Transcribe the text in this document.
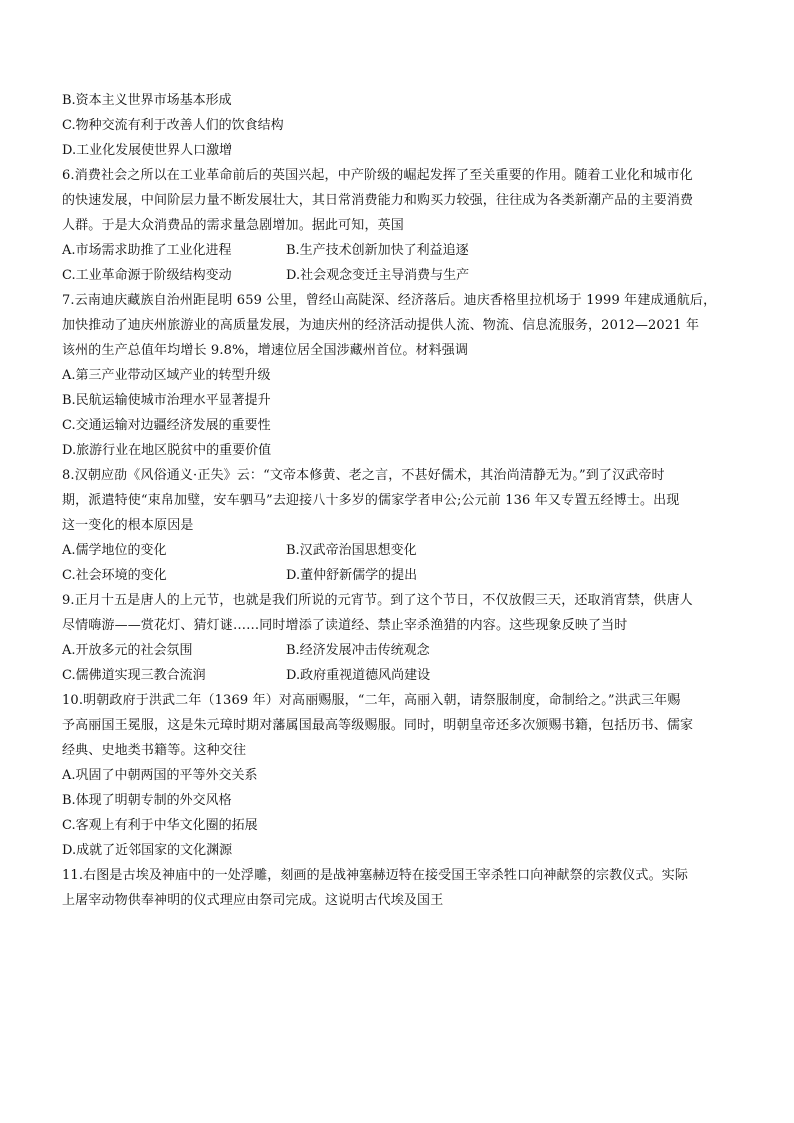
B.资本主义世界市场基本形成
C.物种交流有利于改善人们的饮食结构
D.工业化发展使世界人口激增
6.消费社会之所以在工业革命前后的英国兴起，中产阶级的崛起发挥了至关重要的作用。随着工业化和城市化
的快速发展，中间阶层力量不断发展壮大，其日常消费能力和购买力较强，往往成为各类新潮产品的主要消费
人群。于是大众消费品的需求量急剧增加。据此可知，英国
A.市场需求助推了工业化进程	B.生产技术创新加快了利益追逐
C.工业革命源于阶级结构变动	D.社会观念变迁主导消费与生产
7.云南迪庆藏族自治州距昆明 659 公里，曾经山高陡深、经济落后。迪庆香格里拉机场于 1999 年建成通航后，
加快推动了迪庆州旅游业的高质量发展，为迪庆州的经济活动提供人流、物流、信息流服务，2012—2021 年
该州的生产总值年均增长 9.8%，增速位居全国涉藏州首位。材料强调
A.第三产业带动区域产业的转型升级
B.民航运输使城市治理水平显著提升
C.交通运输对边疆经济发展的重要性
D.旅游行业在地区脱贫中的重要价值
8.汉朝应劭《风俗通义·正失》云：“文帝本修黄、老之言，不甚好儒术，其治尚清静无为。”到了汉武帝时
期，派遣特使“束帛加璧，安车驷马”去迎接八十多岁的儒家学者申公;公元前 136 年又专置五经博士。出现
这一变化的根本原因是
A.儒学地位的变化	B.汉武帝治国思想变化
C.社会环境的变化	D.董仲舒新儒学的提出
9.正月十五是唐人的上元节，也就是我们所说的元宵节。到了这个节日，不仅放假三天，还取消宵禁，供唐人
尽情嗨游——赏花灯、猜灯谜……同时增添了读道经、禁止宰杀渔猎的内容。这些现象反映了当时
A.开放多元的社会氛围	B.经济发展冲击传统观念
C.儒佛道实现三教合流润	D.政府重视道德风尚建设
10.明朝政府于洪武二年（1369 年）对高丽赐服，“二年，高丽入朝，请祭服制度，命制给之。”洪武三年赐
予高丽国王冕服，这是朱元璋时期对藩属国最高等级赐服。同时，明朝皇帝还多次颁赐书籍，包括历书、儒家
经典、史地类书籍等。这种交往
A.巩固了中朝两国的平等外交关系
B.体现了明朝专制的外交风格
C.客观上有利于中华文化圈的拓展
D.成就了近邻国家的文化渊源
11.右图是古埃及神庙中的一处浮雕，刻画的是战神塞赫迈特在接受国王宰杀牲口向神献祭的宗教仪式。实际
上屠宰动物供奉神明的仪式理应由祭司完成。这说明古代埃及国王
